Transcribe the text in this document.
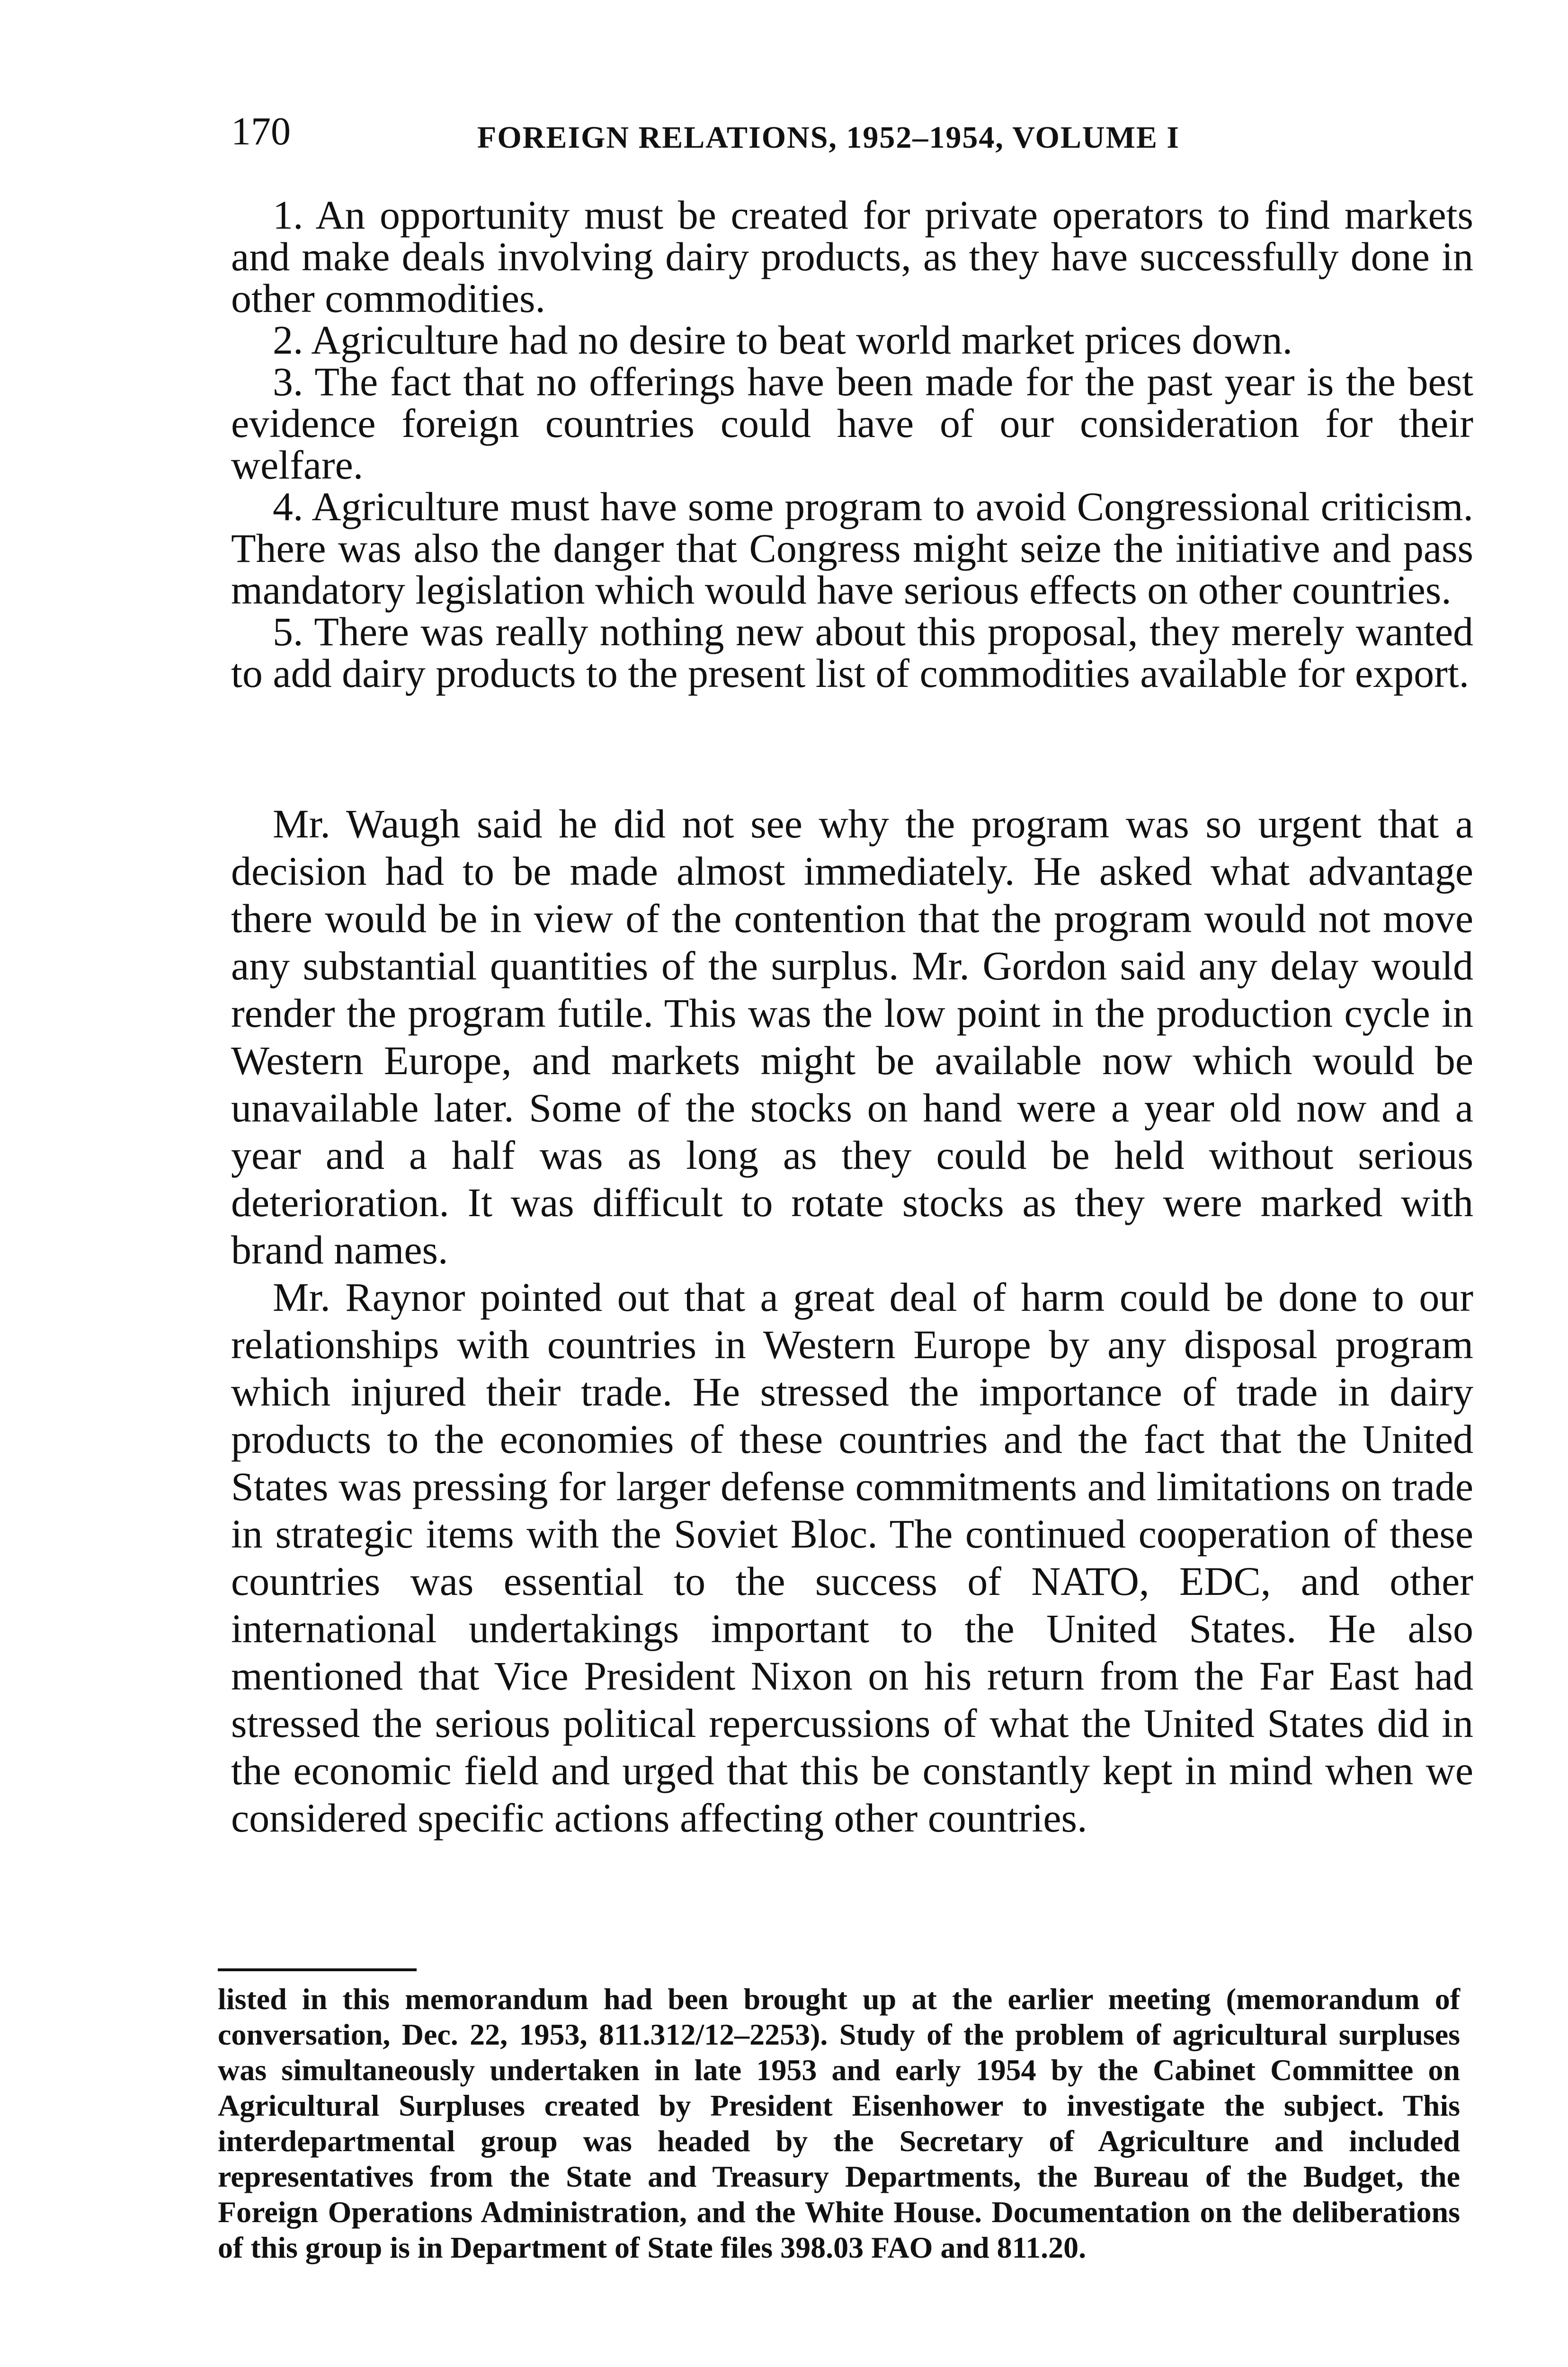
170	FOREIGN RELATIONS, 1952–1954, VOLUME I

1. An opportunity must be created for private operators to find markets and make deals involving dairy products, as they have successfully done in other commodities.

2. Agriculture had no desire to beat world market prices down.

3. The fact that no offerings have been made for the past year is the best evidence foreign countries could have of our consideration for their welfare.

4. Agriculture must have some program to avoid Congressional criticism. There was also the danger that Congress might seize the initiative and pass mandatory legislation which would have serious effects on other countries.

5. There was really nothing new about this proposal, they merely wanted to add dairy products to the present list of commodities available for export.

Mr. Waugh said he did not see why the program was so urgent that a decision had to be made almost immediately. He asked what advantage there would be in view of the contention that the program would not move any substantial quantities of the surplus. Mr. Gordon said any delay would render the program futile. This was the low point in the production cycle in Western Europe, and markets might be available now which would be unavailable later. Some of the stocks on hand were a year old now and a year and a half was as long as they could be held without serious deterioration. It was difficult to rotate stocks as they were marked with brand names.

Mr. Raynor pointed out that a great deal of harm could be done to our relationships with countries in Western Europe by any disposal program which injured their trade. He stressed the importance of trade in dairy products to the economies of these countries and the fact that the United States was pressing for larger defense commitments and limitations on trade in strategic items with the Soviet Bloc. The continued cooperation of these countries was essential to the success of NATO, EDC, and other international undertakings important to the United States. He also mentioned that Vice President Nixon on his return from the Far East had stressed the serious political repercussions of what the United States did in the economic field and urged that this be constantly kept in mind when we considered specific actions affecting other countries.

listed in this memorandum had been brought up at the earlier meeting (memorandum of conversation, Dec. 22, 1953, 811.312/12–2253). Study of the problem of agricultural surpluses was simultaneously undertaken in late 1953 and early 1954 by the Cabinet Committee on Agricultural Surpluses created by President Eisenhower to investigate the subject. This interdepartmental group was headed by the Secretary of Agriculture and included representatives from the State and Treasury Departments, the Bureau of the Budget, the Foreign Operations Administration, and the White House. Documentation on the deliberations of this group is in Department of State files 398.03 FAO and 811.20.
